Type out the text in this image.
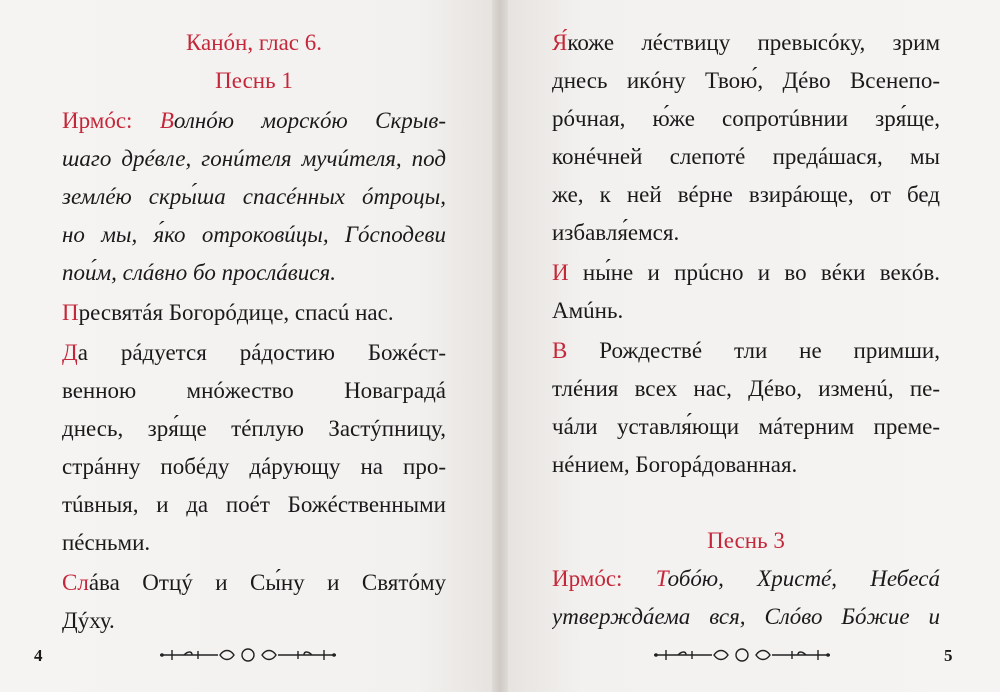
Канóн, глас 6.
Песнь 1
Ирмóс: Волнóю морскóю Скрыв-
шаго дрéвле, гонúтеля мучúтеля, под
землéю скры́ша спасéнных óтроцы,
но мы, я́ко отроковúцы, Гóсподеви
пои́м, слáвно бо прослáвися.
Пресвятáя Богорóдице, спасú нас.
Да рáдуется рáдостию Божéст-
венною мнóжество Новаградá
днесь, зря́ще тéплую Застýпницу,
стрáнну побéду дáрующу на про-
тúвныя, и да поéт Божéственными
пéсньми.
Слáва Отцý и Сы́ну и Святóму
Дýху.
4
Я́коже лéствицу превысóку, зрим
днесь икóну Твою́, Дéво Всенепо-
рóчная, ю́же сопротúвнии зря́ще,
конéчней слепотé предáшася, мы
же, к ней вéрне взирáюще, от бед
избавля́емся.
И ны́не и прúсно и во вéки векóв.
Амúнь.
В Рождествé тли не примши,
тлéния всех нас, Дéво, изменú, пе-
чáли уставля́ющи мáтерним преме-
нéнием, Богорáдованная.
Песнь 3
Ирмóс: Тобóю, Христé, Небесá
утверждáема вся, Слóво Бóжие и
5
